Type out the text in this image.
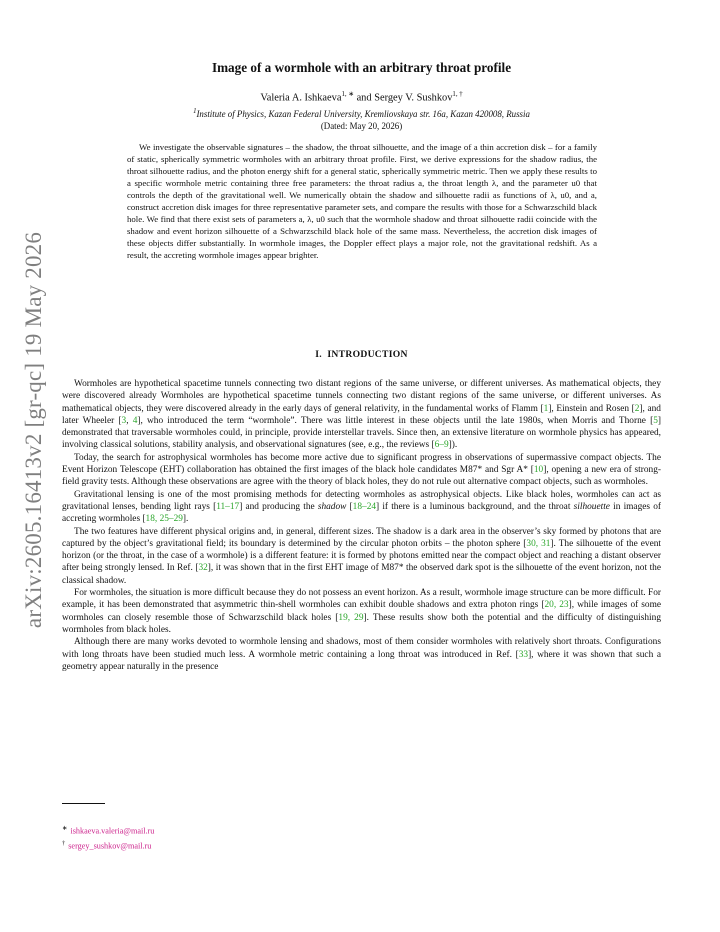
arXiv:2605.16413v2 [gr-qc] 19 May 2026
Image of a wormhole with an arbitrary throat profile
Valeria A. Ishkaeva$^{1, ∗}$ and Sergey V. Sushkov$^{1, \dagger}$
$^1$Institute of Physics, Kazan Federal University, Kremliovskaya str. 16a, Kazan 420008, Russia
(Dated: May 20, 2026)

We investigate the observable signatures – the shadow, the throat silhouette, and the image of a thin accretion disk – for a family of static, spherically symmetric wormholes with an arbitrary throat profile. First, we derive expressions for the shadow radius, the throat silhouette radius, and the photon energy shift for a general static, spherically symmetric metric. Then we apply these results to a specific wormhole metric containing three free parameters: the throat radius a, the throat length λ, and the parameter u0 that controls the depth of the gravitational well. We numerically obtain the shadow and silhouette radii as functions of λ, u0, and a, construct accretion disk images for three representative parameter sets, and compare the results with those for a Schwarzschild black hole. We find that there exist sets of parameters a, λ, u0 such that the wormhole shadow and throat silhouette radii coincide with the shadow and event horizon silhouette of a Schwarzschild black hole of the same mass. Nevertheless, the accretion disk images of these objects differ substantially. In wormhole images, the Doppler effect plays a major role, not the gravitational redshift. As a result, the accreting wormhole images appear brighter.

I. INTRODUCTION

Wormholes are hypothetical spacetime tunnels connecting two distant regions of the same universe, or different universes. As mathematical objects, they were discovered already Wormholes are hypothetical spacetime tunnels connecting two distant regions of the same universe, or different universes. As mathematical objects, they were discovered already in the early days of general relativity, in the fundamental works of Flamm [1], Einstein and Rosen [2], and later Wheeler [3, 4], who introduced the term “wormhole”. There was little interest in these objects until the late 1980s, when Morris and Thorne [5] demonstrated that traversable wormholes could, in principle, provide interstellar travels. Since then, an extensive literature on wormhole physics has appeared, involving classical solutions, stability analysis, and observational signatures (see, e.g., the reviews [6–9]).

Today, the search for astrophysical wormholes has become more active due to significant progress in observations of supermassive compact objects. The Event Horizon Telescope (EHT) collaboration has obtained the first images of the black hole candidates M87* and Sgr A* [10], opening a new era of strong-field gravity tests. Although these observations are agree with the theory of black holes, they do not rule out alternative compact objects, such as wormholes.

Gravitational lensing is one of the most promising methods for detecting wormholes as astrophysical objects. Like black holes, wormholes can act as gravitational lenses, bending light rays [11–17] and producing the shadow [18–24] if there is a luminous background, and the throat silhouette in images of accreting wormholes [18, 25–29].

The two features have different physical origins and, in general, different sizes. The shadow is a dark area in the observer’s sky formed by photons that are captured by the object’s gravitational field; its boundary is determined by the circular photon orbits – the photon sphere [30, 31]. The silhouette of the event horizon (or the throat, in the case of a wormhole) is a different feature: it is formed by photons emitted near the compact object and reaching a distant observer after being strongly lensed. In Ref. [32], it was shown that in the first EHT image of M87* the observed dark spot is the silhouette of the event horizon, not the classical shadow.

For wormholes, the situation is more difficult because they do not possess an event horizon. As a result, wormhole image structure can be more difficult. For example, it has been demonstrated that asymmetric thin-shell wormholes can exhibit double shadows and extra photon rings [20, 23], while images of some wormholes can closely resemble those of Schwarzschild black holes [19, 29]. These results show both the potential and the difficulty of distinguishing wormholes from black holes.

Although there are many works devoted to wormhole lensing and shadows, most of them consider wormholes with relatively short throats. Configurations with long throats have been studied much less. A wormhole metric containing a long throat was introduced in Ref. [33], where it was shown that such a geometry appear naturally in the presence

∗ ishkaeva.valeria@mail.ru
† sergey_sushkov@mail.ru
